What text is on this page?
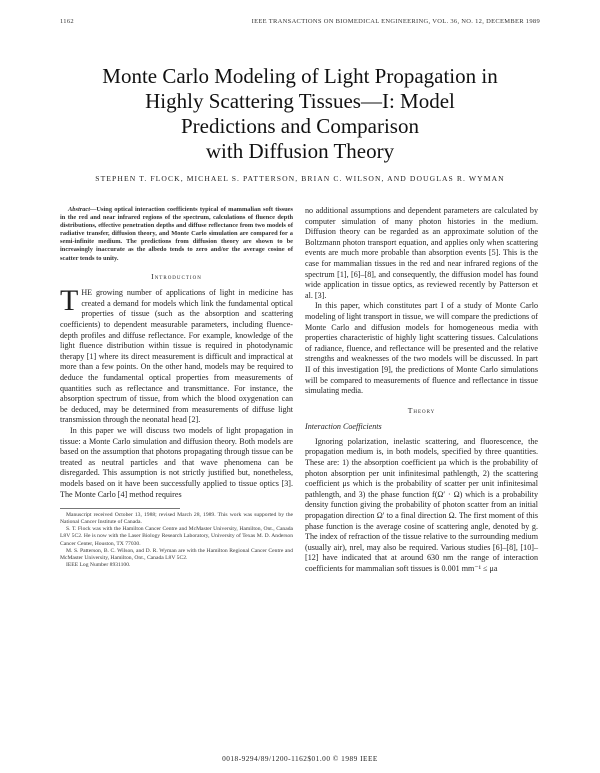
1162	IEEE TRANSACTIONS ON BIOMEDICAL ENGINEERING, VOL. 36, NO. 12, DECEMBER 1989
Monte Carlo Modeling of Light Propagation in
Highly Scattering Tissues—I: Model
Predictions and Comparison
with Diffusion Theory
STEPHEN T. FLOCK, MICHAEL S. PATTERSON, BRIAN C. WILSON, AND DOUGLAS R. WYMAN

Abstract—Using optical interaction coefficients typical of mammalian soft tissues in the red and near infrared regions of the spectrum, calculations of fluence depth distributions, effective penetration depths and diffuse reflectance from two models of radiative transfer, diffusion theory, and Monte Carlo simulation are compared for a semi-infinite medium. The predictions from diffusion theory are shown to be increasingly inaccurate as the albedo tends to zero and/or the average cosine of scatter tends to unity.

Introduction

THE growing number of applications of light in medicine has created a demand for models which link the fundamental optical properties of tissue (such as the absorption and scattering coefficients) to dependent measurable parameters, including fluence-depth profiles and diffuse reflectance. For example, knowledge of the light fluence distribution within tissue is required in photodynamic therapy [1] where its direct measurement is difficult and impractical at more than a few points. On the other hand, models may be required to deduce the fundamental optical properties from measurements of quantities such as reflectance and transmittance. For instance, the absorption spectrum of tissue, from which the blood oxygenation can be deduced, may be determined from measurements of diffuse light transmission through the neonatal head [2].

In this paper we will discuss two models of light propagation in tissue: a Monte Carlo simulation and diffusion theory. Both models are based on the assumption that photons propagating through tissue can be treated as neutral particles and that wave phenomena can be disregarded. This assumption is not strictly justified but, nonetheless, models based on it have been successfully applied to tissue optics [3]. The Monte Carlo [4] method requires

Manuscript received October 13, 1988; revised March 28, 1989. This work was supported by the National Cancer Institute of Canada.

S. T. Flock was with the Hamilton Cancer Centre and McMaster University, Hamilton, Ont., Canada L8V 5C2. He is now with the Laser Biology Research Laboratory, University of Texas M. D. Anderson Cancer Center, Houston, TX 77030.

M. S. Patterson, B. C. Wilson, and D. R. Wyman are with the Hamilton Regional Cancer Centre and McMaster University, Hamilton, Ont., Canada L8V 5C2.

IEEE Log Number 8931100.

no additional assumptions and dependent parameters are calculated by computer simulation of many photon histories in the medium. Diffusion theory can be regarded as an approximate solution of the Boltzmann photon transport equation, and applies only when scattering events are much more probable than absorption events [5]. This is the case for mammalian tissues in the red and near infrared regions of the spectrum [1], [6]–[8], and consequently, the diffusion model has found wide application in tissue optics, as reviewed recently by Patterson et al. [3].

In this paper, which constitutes part I of a study of Monte Carlo modeling of light transport in tissue, we will compare the predictions of Monte Carlo and diffusion models for homogeneous media with properties characteristic of highly light scattering tissues. Calculations of radiance, fluence, and reflectance will be presented and the relative strengths and weaknesses of the two models will be discussed. In part II of this investigation [9], the predictions of Monte Carlo simulations will be compared to measurements of fluence and reflectance in tissue simulating media.

Theory
Interaction Coefficients

Ignoring polarization, inelastic scattering, and fluorescence, the propagation medium is, in both models, specified by three quantities. These are: 1) the absorption coefficient μa which is the probability of photon absorption per unit infinitesimal pathlength, 2) the scattering coefficient μs which is the probability of scatter per unit infinitesimal pathlength, and 3) the phase function f(Ω′ · Ω) which is a probability density function giving the probability of photon scatter from an initial propagation direction Ω′ to a final direction Ω. The first moment of this phase function is the average cosine of scattering angle, denoted by g. The index of refraction of the tissue relative to the surrounding medium (usually air), nrel, may also be required. Various studies [6]–[8], [10]–[12] have indicated that at around 630 nm the range of interaction coefficients for mammalian soft tissues is 0.001 mm⁻¹ ≤ μa

0018-9294/89/1200-1162$01.00 © 1989 IEEE
